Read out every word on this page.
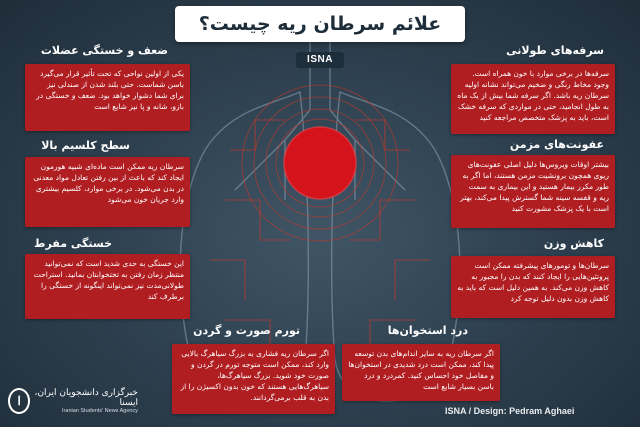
علائم سرطان ریه چیست؟
ISNA
سرفه‌های طولانی
سرفه‌ها در برخی موارد با خون همراه است. وجود مخاط رنگی و ضخیم می‌تواند نشانه اولیه سرطان ریه باشد. اگر سرفه شما بیش از یک ماه به طول انجامید، حتی در مواردی که سرفه خشک است، باید به پزشک متخصص مراجعه کنید
عفونت‌های مزمن
بیشتر اوقات ویروس‌ها دلیل اصلی عفونت‌های ریوی همچون برونشیت مزمن هستند، اما اگر به طور مکرر بیمار هستید و این بیماری به سمت ریه و قفسه سینه شما گسترش پیدا می‌کند، بهتر است با یک پزشک مشورت کنید
کاهش وزن
سرطان‌ها و تومورهای پیشرفته ممکن است پروتئین‌هایی را ایجاد کنند که بدن را مجبور به کاهش وزن می‌کند. به همین دلیل است که باید به کاهش وزن بدون دلیل توجه کرد
ضعف و خستگی عضلات
یکی از اولین نواحی که تحت تأثیر قرار می‌گیرد باسن شماست. حتی بلند شدن از صندلی نیز برای شما دشوار خواهد بود. ضعف و خستگی در بازو، شانه و پا نیز شایع است
سطح کلسیم بالا
سرطان ریه ممکن است ماده‌ای شبیه هورمون ایجاد کند که باعث از بین رفتن تعادل مواد معدنی در بدن می‌شود. در برخی موارد، کلسیم بیشتری وارد جریان خون می‌شود
خستگی مفرط
این خستگی به حدی شدید است که نمی‌توانید منتظر زمان رفتن به تختخوابتان بمانید. استراحت طولانی‌مدت نیز نمی‌تواند اینگونه از خستگی را برطرف کند
تورم صورت و گردن
اگر سرطان ریه فشاری به بزرگ سیاهرگ بالایی وارد کند، ممکن است متوجه تورم در گردن و صورت خود شوید. بزرگ سیاهرگ‌ها، سیاهرگ‌هایی هستند که خون بدون اکسیژن را از بدن به قلب برمی‌گردانند.
درد استخوان‌ها
اگر سرطان ریه به سایر اندام‌های بدن توسعه پیدا کند، ممکن است درد شدیدی در استخوان‌ها و مفاصل خود احساس کنید. کمردرد و درد باسن بسیار شایع است
ا
خبرگزاری دانشجویان ایران، ایسنا
Iranian Students' News Agency	ISNA / Design: Pedram Aghaei
